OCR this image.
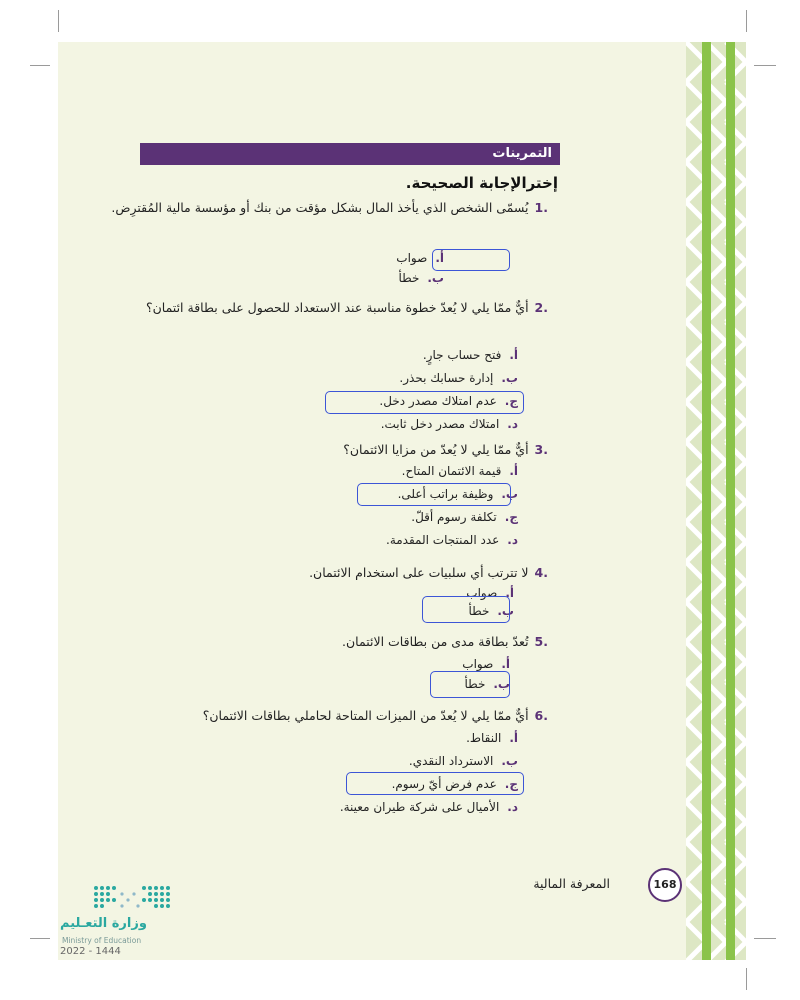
التمرينات
إخترالإجابة الصحيحة.
.1يُسمّى الشخص الذي يأخذ المال بشكل مؤقت من بنك أو مؤسسة مالية المُقترِض.
أ.صواب
ب.خطأ
.2أيٌّ ممّا يلي لا يُعدّ خطوة مناسبة عند الاستعداد للحصول على بطاقة ائتمان؟
أ.فتح حساب جارٍ.
ب.إدارة حسابك بحذر.
ج.عدم امتلاك مصدر دخل.
د.امتلاك مصدر دخل ثابت.
.3أيٌّ ممّا يلي لا يُعدّ من مزايا الائتمان؟
أ.قيمة الائتمان المتاح.
ب.وظيفة براتب أعلى.
ج.تكلفة رسوم أقلّ.
د.عدد المنتجات المقدمة.
.4لا تترتب أي سلبيات على استخدام الائتمان.
أ.صواب
ب.خطأ
.5تُعدّ بطاقة مدى من بطاقات الائتمان.
أ.صواب
ب.خطأ
.6أيٌّ ممّا يلي لا يُعدّ من الميزات المتاحة لحاملي بطاقات الائتمان؟
أ.النقاط.
ب.الاسترداد النقدي.
ج.عدم فرض أيّ رسوم.
د.الأميال على شركة طيران معينة.
المعرفة المالية	168
وزارة التعـليم
Ministry of Education
2022 - 1444
